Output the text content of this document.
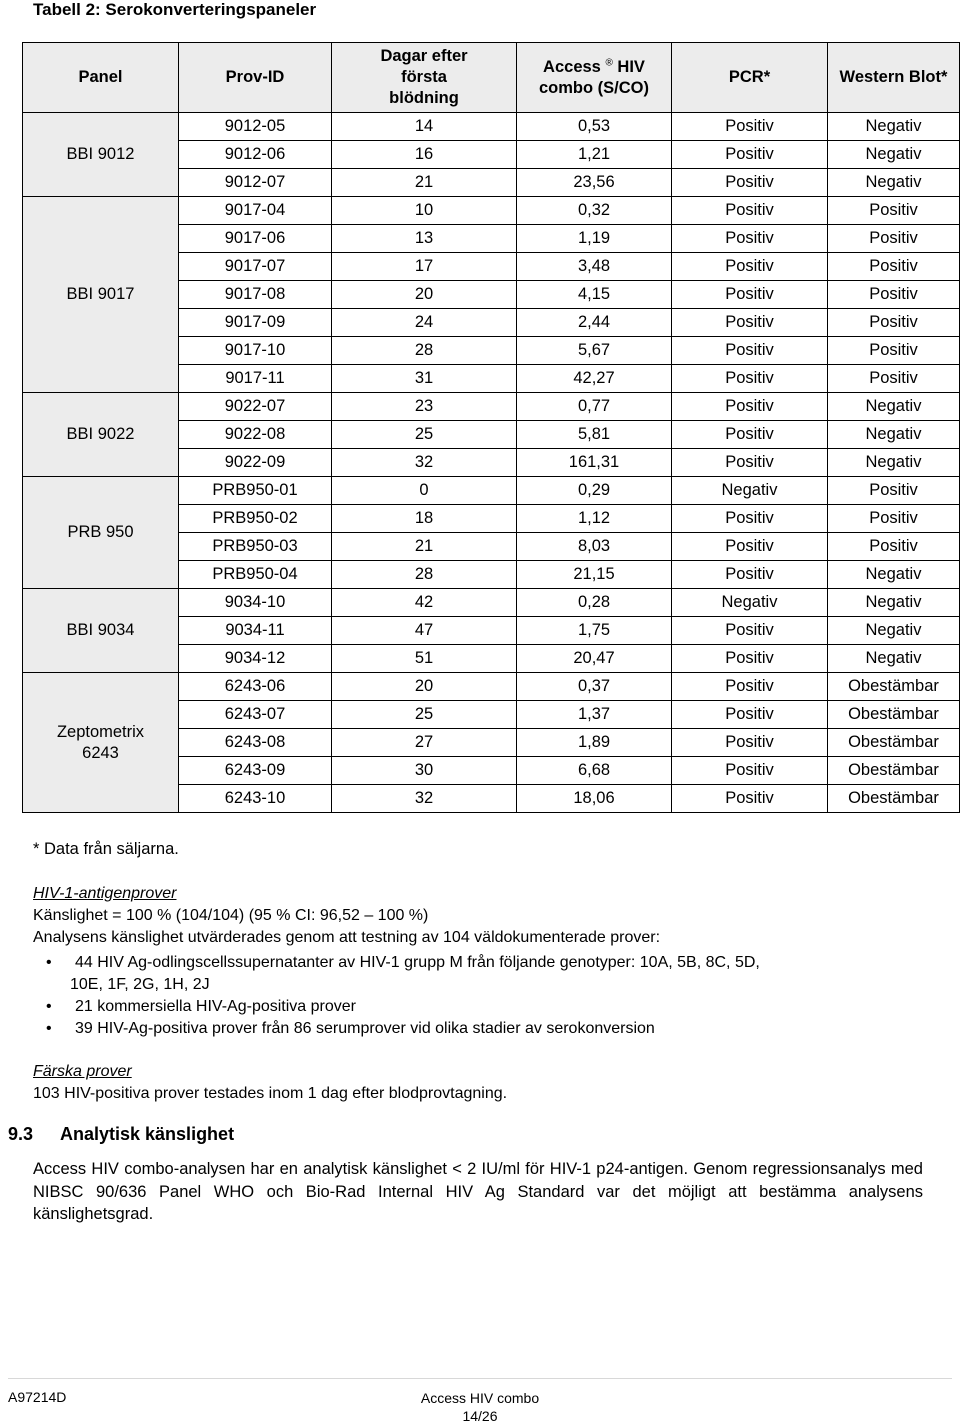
Tabell 2: Serokonverteringspaneler
Panel	Prov-ID	Dagar efter
första
blödning	Access ® HIV
combo (S/CO)	PCR*	Western Blot*

BBI 9012	9012-05	14	0,53	Positiv	Negativ
	9012-06	16	1,21	Positiv	Negativ
	9012-07	21	23,56	Positiv	Negativ

BBI 9017	9017-04	10	0,32	Positiv	Positiv
	9017-06	13	1,19	Positiv	Positiv
	9017-07	17	3,48	Positiv	Positiv
	9017-08	20	4,15	Positiv	Positiv
	9017-09	24	2,44	Positiv	Positiv
	9017-10	28	5,67	Positiv	Positiv
	9017-11	31	42,27	Positiv	Positiv

BBI 9022	9022-07	23	0,77	Positiv	Negativ
	9022-08	25	5,81	Positiv	Negativ
	9022-09	32	161,31	Positiv	Negativ

PRB 950	PRB950-01	0	0,29	Negativ	Positiv
	PRB950-02	18	1,12	Positiv	Positiv
	PRB950-03	21	8,03	Positiv	Positiv
	PRB950-04	28	21,15	Positiv	Negativ

BBI 9034	9034-10	42	0,28	Negativ	Negativ
	9034-11	47	1,75	Positiv	Negativ
	9034-12	51	20,47	Positiv	Negativ

Zeptometrix
6243	6243-06	20	0,37	Positiv	Obestämbar
	6243-07	25	1,37	Positiv	Obestämbar
	6243-08	27	1,89	Positiv	Obestämbar
	6243-09	30	6,68	Positiv	Obestämbar
	6243-10	32	18,06	Positiv	Obestämbar
* Data från säljarna.
HIV-1-antigenprover
Känslighet = 100 % (104/104) (95 % CI: 96,52 – 100 %)
Analysens känslighet utvärderades genom att testning av 104 väldokumenterade prover:
• 44 HIV Ag-odlingscellssupernatanter av HIV-1 grupp M från följande genotyper: 10A, 5B, 8C, 5D,
10E, 1F, 2G, 1H, 2J
• 21 kommersiella HIV-Ag-positiva prover
• 39 HIV-Ag-positiva prover från 86 serumprover vid olika stadier av serokonversion
Färska prover
103 HIV-positiva prover testades inom 1 dag efter blodprovtagning.
9.3 Analytisk känslighet
Access HIV combo-analysen har en analytisk känslighet < 2 IU/ml för HIV-1 p24-antigen. Genom regressionsanalys med NIBSC 90/636 Panel WHO och Bio-Rad Internal HIV Ag Standard var det möjligt att bestämma analysens känslighetsgrad.
A97214D	Access HIV combo
14/26
